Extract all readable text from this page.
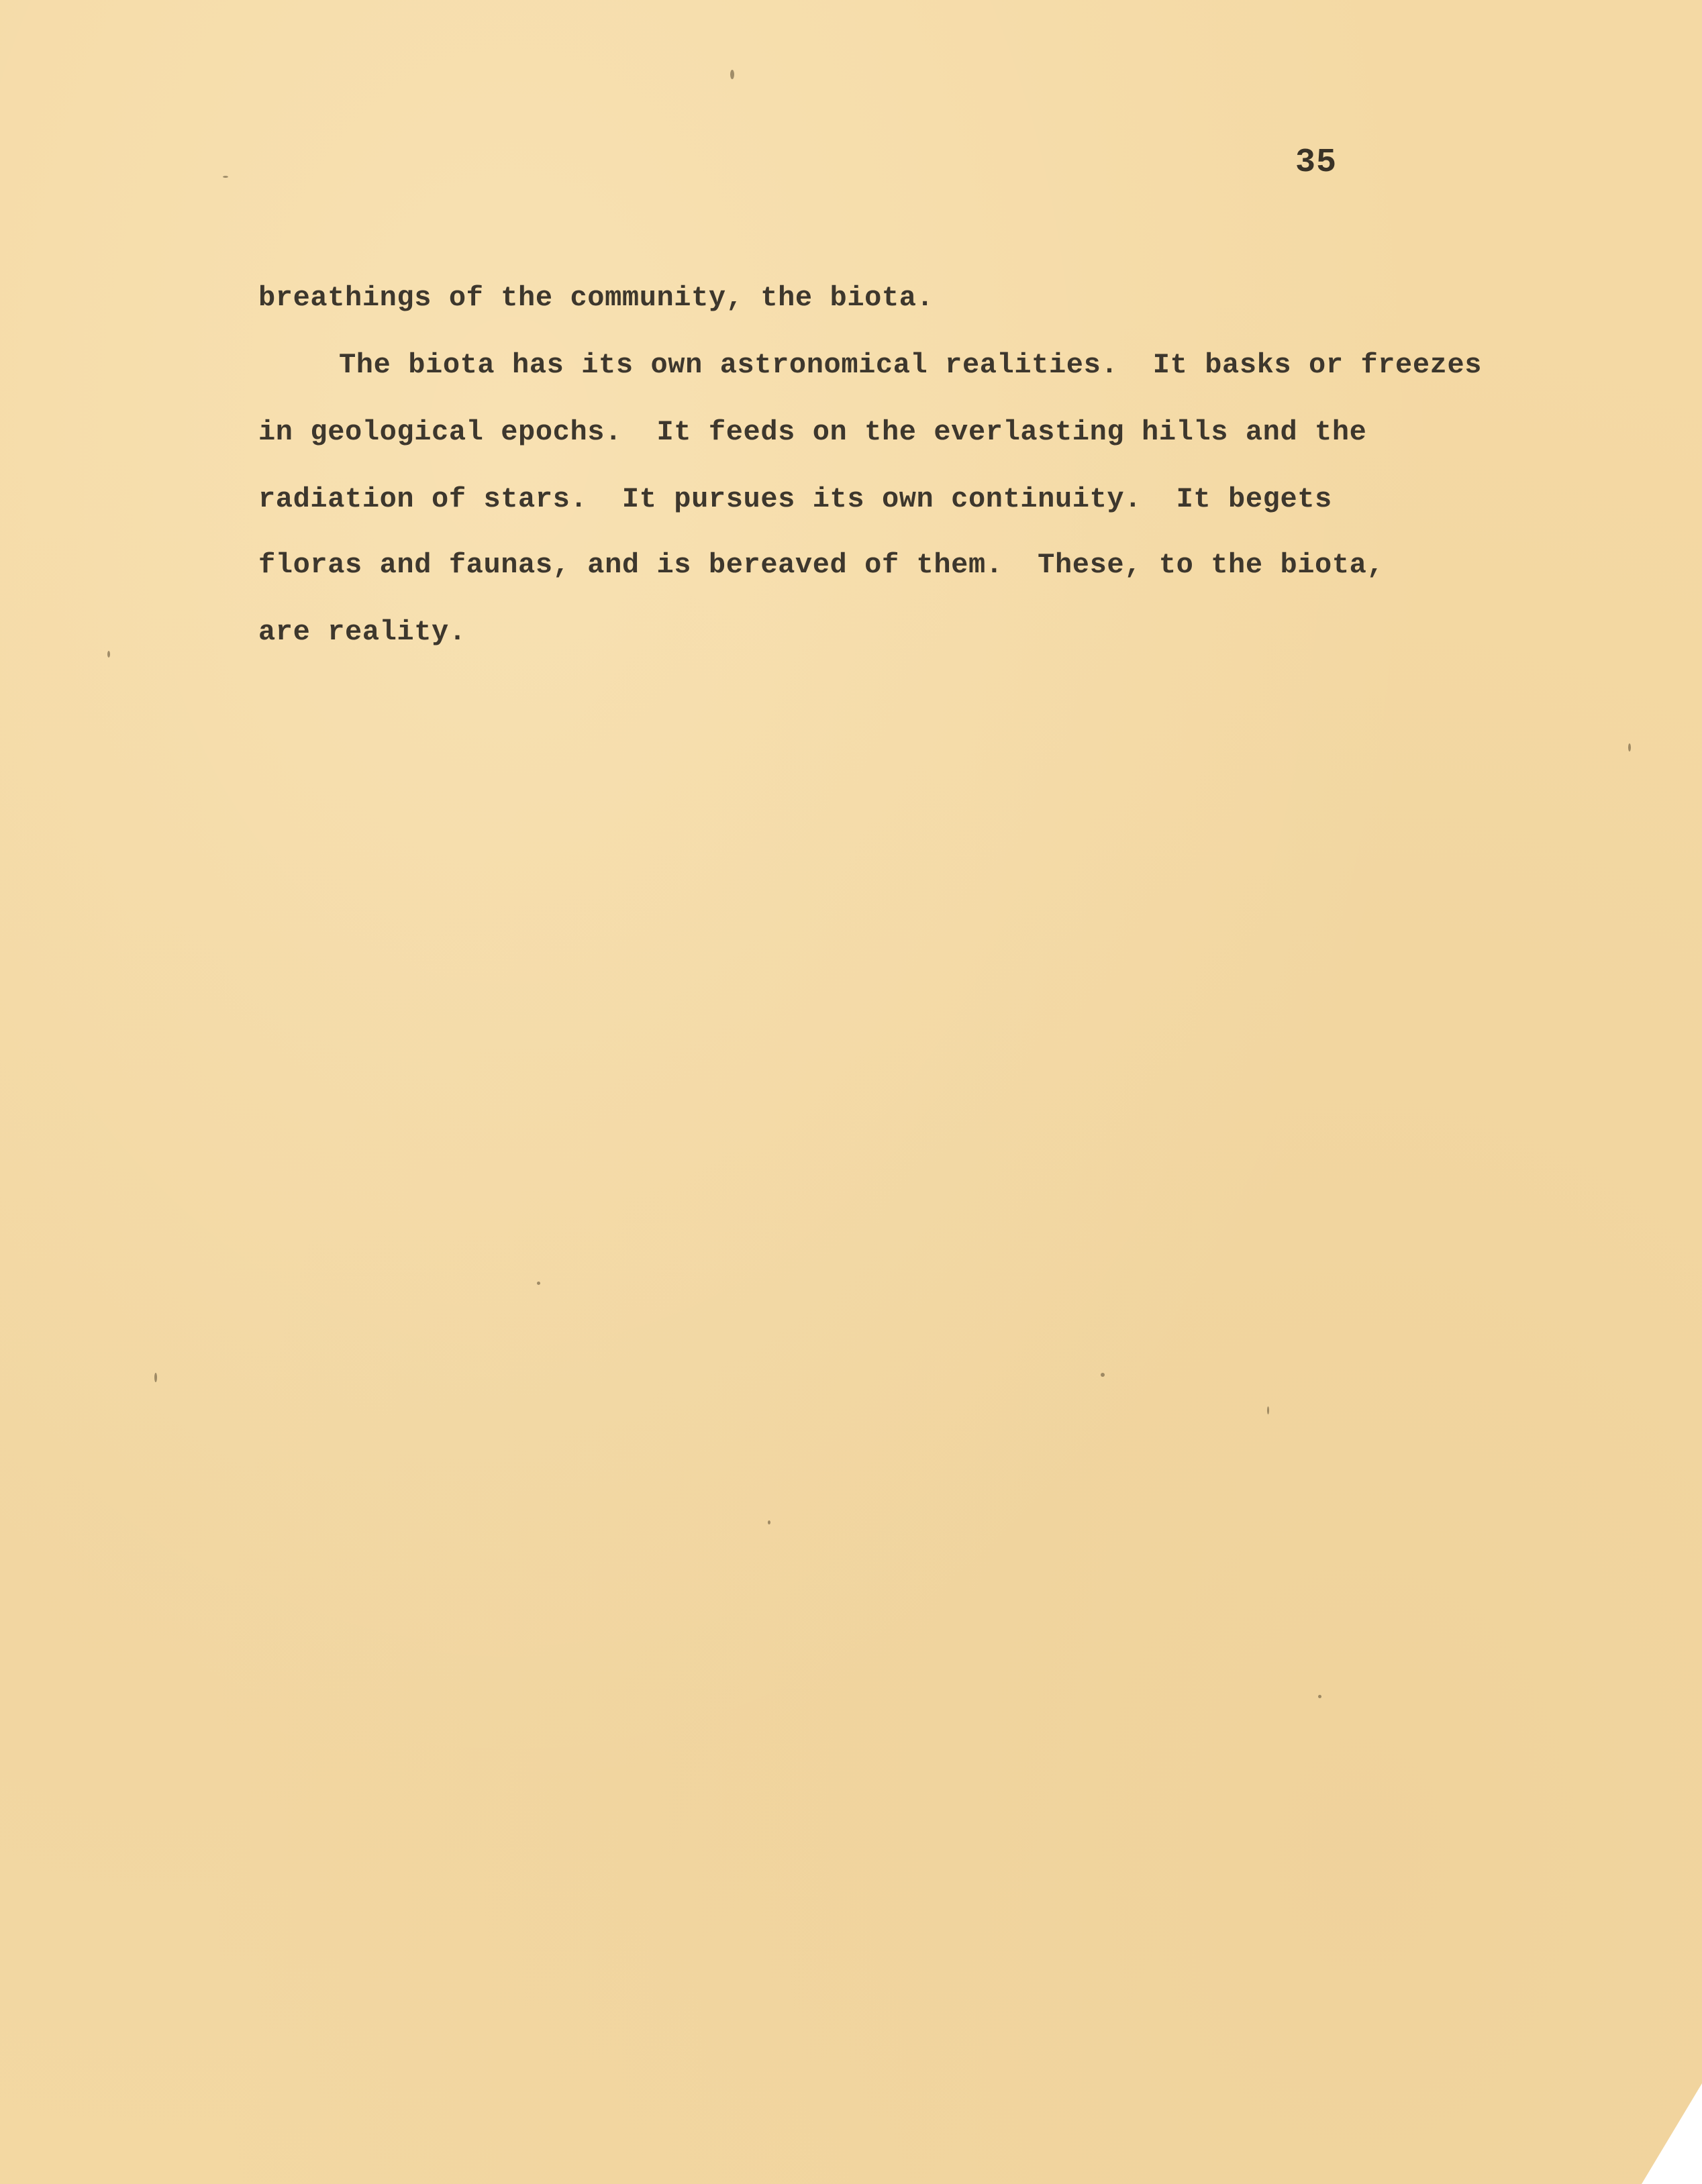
35
breathings of the community, the biota.
The biota has its own astronomical realities.  It basks or freezes
in geological epochs.  It feeds on the everlasting hills and the
radiation of stars.  It pursues its own continuity.  It begets
floras and faunas, and is bereaved of them.  These, to the biota,
are reality.
